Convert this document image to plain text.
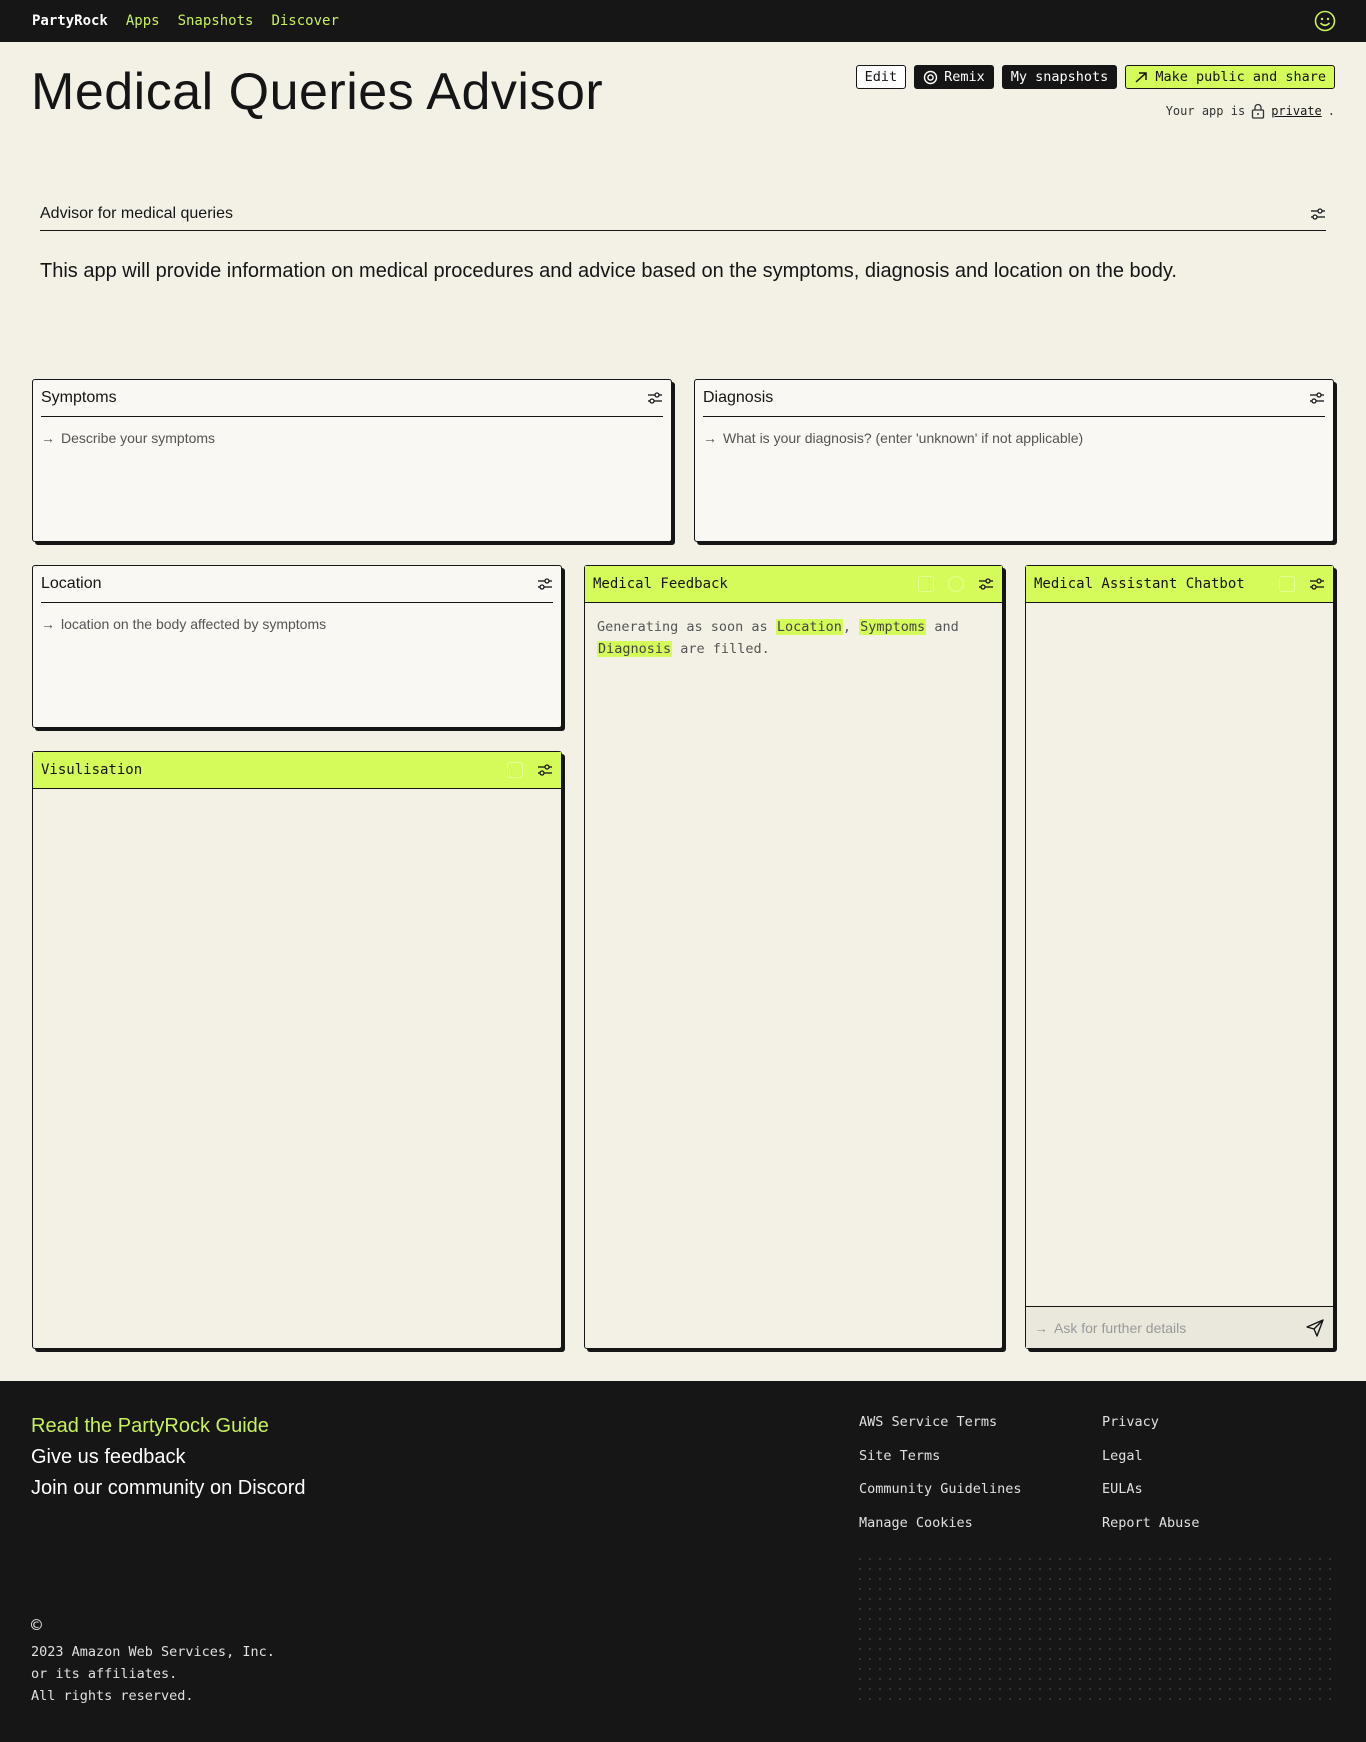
PartyRock Apps Snapshots Discover
Medical Queries Advisor	Edit	Remix My snapshots	Make public and share
Your app is private .
Advisor for medical queries

This app will provide information on medical procedures and advice based on the symptoms, diagnosis and location on the body.

Symptoms
→ Describe your symptoms
Diagnosis
→ What is your diagnosis? (enter 'unknown' if not applicable)
Location
→ location on the body affected by symptoms
Medical Feedback
Generating as soon as Location, Symptoms and Diagnosis are filled.
Medical Assistant Chatbot
→ Ask for further details
Visulisation
Read the PartyRock Guide
Give us feedback
Join our community on Discord
AWS Service Terms
Site Terms
Community Guidelines
Manage Cookies
Privacy
Legal
EULAs
Report Abuse
©
2023 Amazon Web Services, Inc.
or its affiliates.
All rights reserved.
